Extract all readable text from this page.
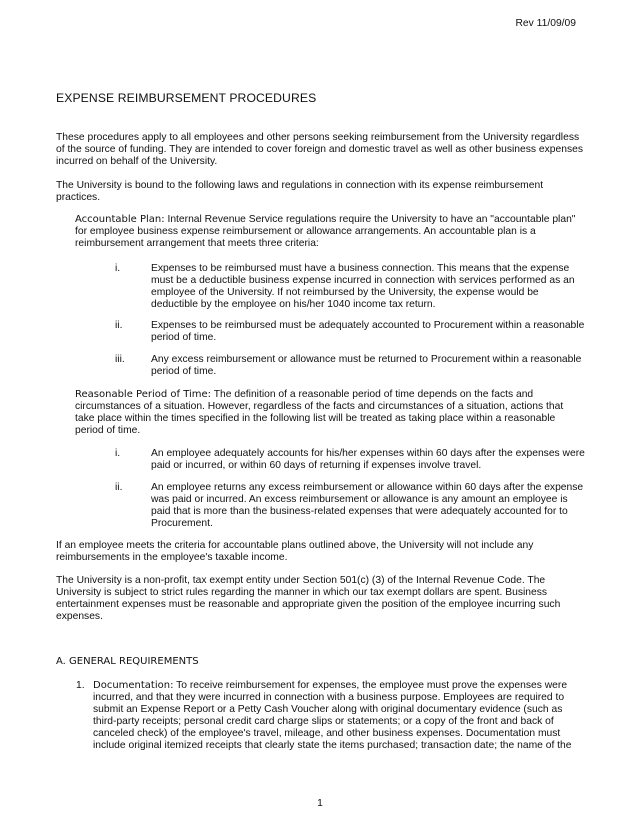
Rev 11/09/09
EXPENSE REIMBURSEMENT PROCEDURES
These procedures apply to all employees and other persons seeking reimbursement from the University regardless of the source of funding. They are intended to cover foreign and domestic travel as well as other business expenses incurred on behalf of the University.
The University is bound to the following laws and regulations in connection with its expense reimbursement practices.
Accountable Plan: Internal Revenue Service regulations require the University to have an "accountable plan" for employee business expense reimbursement or allowance arrangements. An accountable plan is a reimbursement arrangement that meets three criteria:
i.	Expenses to be reimbursed must have a business connection. This means that the expense must be a deductible business expense incurred in connection with services performed as an employee of the University. If not reimbursed by the University, the expense would be deductible by the employee on his/her 1040 income tax return.
ii.	Expenses to be reimbursed must be adequately accounted to Procurement within a reasonable period of time.
iii.	Any excess reimbursement or allowance must be returned to Procurement within a reasonable period of time.
Reasonable Period of Time: The definition of a reasonable period of time depends on the facts and circumstances of a situation. However, regardless of the facts and circumstances of a situation, actions that take place within the times specified in the following list will be treated as taking place within a reasonable period of time.
i.	An employee adequately accounts for his/her expenses within 60 days after the expenses were paid or incurred, or within 60 days of returning if expenses involve travel.
ii.	An employee returns any excess reimbursement or allowance within 60 days after the expense was paid or incurred. An excess reimbursement or allowance is any amount an employee is paid that is more than the business-related expenses that were adequately accounted for to Procurement.
If an employee meets the criteria for accountable plans outlined above, the University will not include any reimbursements in the employee's taxable income.
The University is a non-profit, tax exempt entity under Section 501(c) (3) of the Internal Revenue Code. The University is subject to strict rules regarding the manner in which our tax exempt dollars are spent. Business entertainment expenses must be reasonable and appropriate given the position of the employee incurring such expenses.
A. GENERAL REQUIREMENTS
1. Documentation: To receive reimbursement for expenses, the employee must prove the expenses were incurred, and that they were incurred in connection with a business purpose. Employees are required to submit an Expense Report or a Petty Cash Voucher along with original documentary evidence (such as third-party receipts; personal credit card charge slips or statements; or a copy of the front and back of canceled check) of the employee's travel, mileage, and other business expenses. Documentation must include original itemized receipts that clearly state the items purchased; transaction date; the name of the
1
